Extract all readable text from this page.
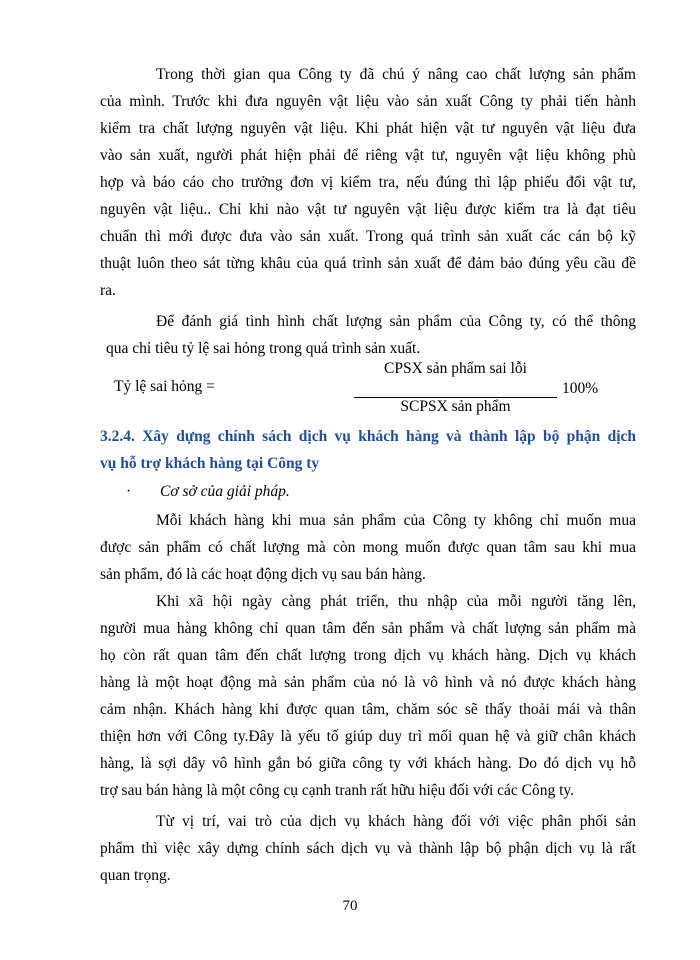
Trong thời gian qua Công ty đã chú ý nâng cao chất lượng sản phẩm

của mình. Trước khi đưa nguyên vật liệu vào sản xuất Công ty phải tiến hành

kiểm tra chất lượng nguyên vật liệu. Khi phát hiện vật tư nguyên vật liệu đưa

vào sản xuất, người phát hiện phải để riêng vật tư, nguyên vật liệu không phù

hợp và báo cáo cho trưởng đơn vị kiểm tra, nếu đúng thì lập phiếu đổi vật tư,

nguyên vật liệu.. Chỉ khi nào vật tư nguyên vật liệu được kiểm tra là đạt tiêu

chuẩn thì mới được đưa vào sản xuất. Trong quá trình sản xuất các cán bộ kỹ

thuật luôn theo sát từng khâu của quá trình sản xuất để đảm bảo đúng yêu cầu đề

ra.

Để đánh giá tình hình chất lượng sản phẩm của Công ty, có thể thông

qua chỉ tiêu tỷ lệ sai hỏng trong quá trình sản xuất.

Tỷ lệ sai hỏng =
CPSX sản phẩm sai lỗi
SCPSX sản phẩm
100%

3.2.4. Xây dựng chính sách dịch vụ khách hàng và thành lập bộ phận dịch

vụ hỗ trợ khách hàng tại Công ty

· Cơ sở của giải pháp.

Mỗi khách hàng khi mua sản phẩm của Công ty không chỉ muốn mua

được sản phẩm có chất lượng mà còn mong muốn được quan tâm sau khi mua

sản phẩm, đó là các hoạt động dịch vụ sau bán hàng.

Khi xã hội ngày càng phát triển, thu nhập của mỗi người tăng lên,

người mua hàng không chỉ quan tâm đến sản phẩm và chất lượng sản phẩm mà

họ còn rất quan tâm đến chất lượng trong dịch vụ khách hàng. Dịch vụ khách

hàng là một hoạt động mà sản phẩm của nó là vô hình và nó được khách hàng

cảm nhận. Khách hàng khi được quan tâm, chăm sóc sẽ thấy thoải mái và thân

thiện hơn với Công ty.Đây là yếu tố giúp duy trì mối quan hệ và giữ chân khách

hàng, là sợi dây vô hình gắn bó giữa công ty với khách hàng. Do đó dịch vụ hỗ

trợ sau bán hàng là một công cụ cạnh tranh rất hữu hiệu đối với các Công ty.

Từ vị trí, vai trò của dịch vụ khách hàng đối với việc phân phối sản

phẩm thì việc xây dựng chính sách dịch vụ và thành lập bộ phận dịch vụ là rất

quan trọng.

70
